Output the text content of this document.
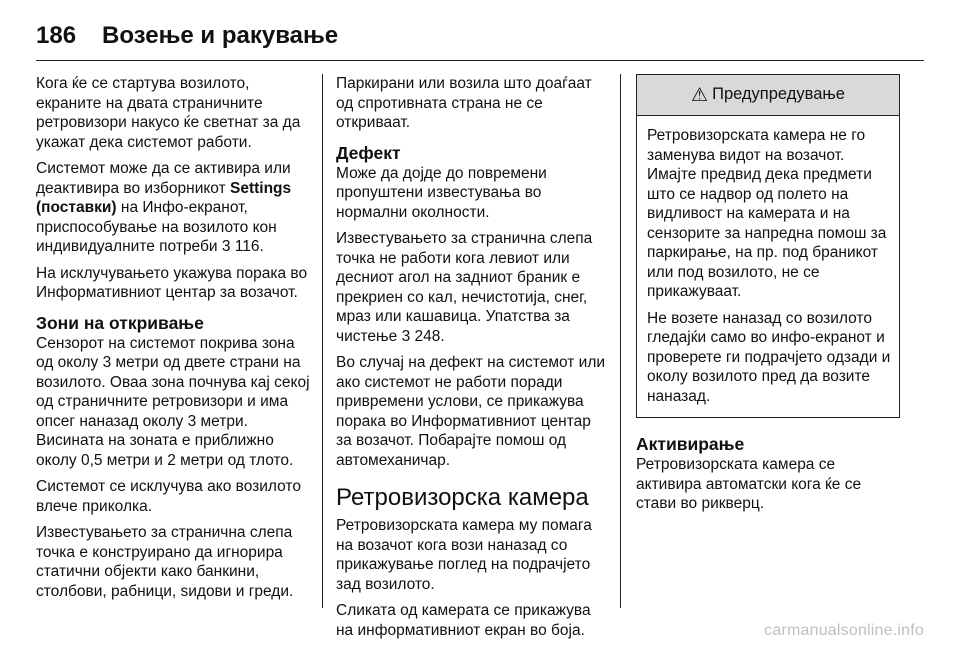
186	Возење и ракување

Кога ќе се стартува возилото, екраните на двата страничните ретровизори накусо ќе светнат за да укажат дека системот работи.

Системот може да се активира или деактивира во изборникот Settings (поставки) на Инфо-екранот, приспособување на возилото кон индивидуалните потреби 3 116.

На исклучувањето укажува порака во Информативниот центар за возачот.

Зони на откривање

Сензорот на системот покрива зона од околу 3 метри од двете страни на возилото. Оваа зона почнува кај секој од страничните ретровизори и има опсег наназад околу 3 метри. Висината на зоната е приближно околу 0,5 метри и 2 метри од тлото.

Системот се исклучува ако возилото влече приколка.

Известувањето за странична слепа точка е конструирано да игнорира статични објекти како банкини, столбови, рабници, ѕидови и греди.

Паркирани или возила што доаѓаат од спротивната страна не се откриваат.

Дефект

Може да дојде до повремени пропуштени известувања во нормални околности.

Известувањето за странична слепа точка не работи кога левиот или десниот агол на задниот браник е прекриен со кал, нечистотија, снег, мраз или кашавица. Упатства за чистење 3 248.

Во случај на дефект на системот или ако системот не работи поради привремени услови, се прикажува порака во Информативниот центар за возачот. Побарајте помош од автомеханичар.

Ретровизорска камера

Ретровизорската камера му помага на возачот кога вози наназад со прикажување поглед на подрачјето зад возилото.

Сликата од камерата се прикажува на информативниот екран во боја.

⚠ Предупредување

Ретровизорската камера не го заменува видот на возачот. Имајте предвид дека предмети што се надвор од полето на видливост на камерата и на сензорите за напредна помош за паркирање, на пр. под браникот или под возилото, не се прикажуваат.

Не возете наназад со возилото гледајќи само во инфо-екранот и проверете ги подрачјето одзади и околу возилото пред да возите наназад.

Активирање

Ретровизорската камера се активира автоматски кога ќе се стави во рикверц.

carmanualsonline.info
